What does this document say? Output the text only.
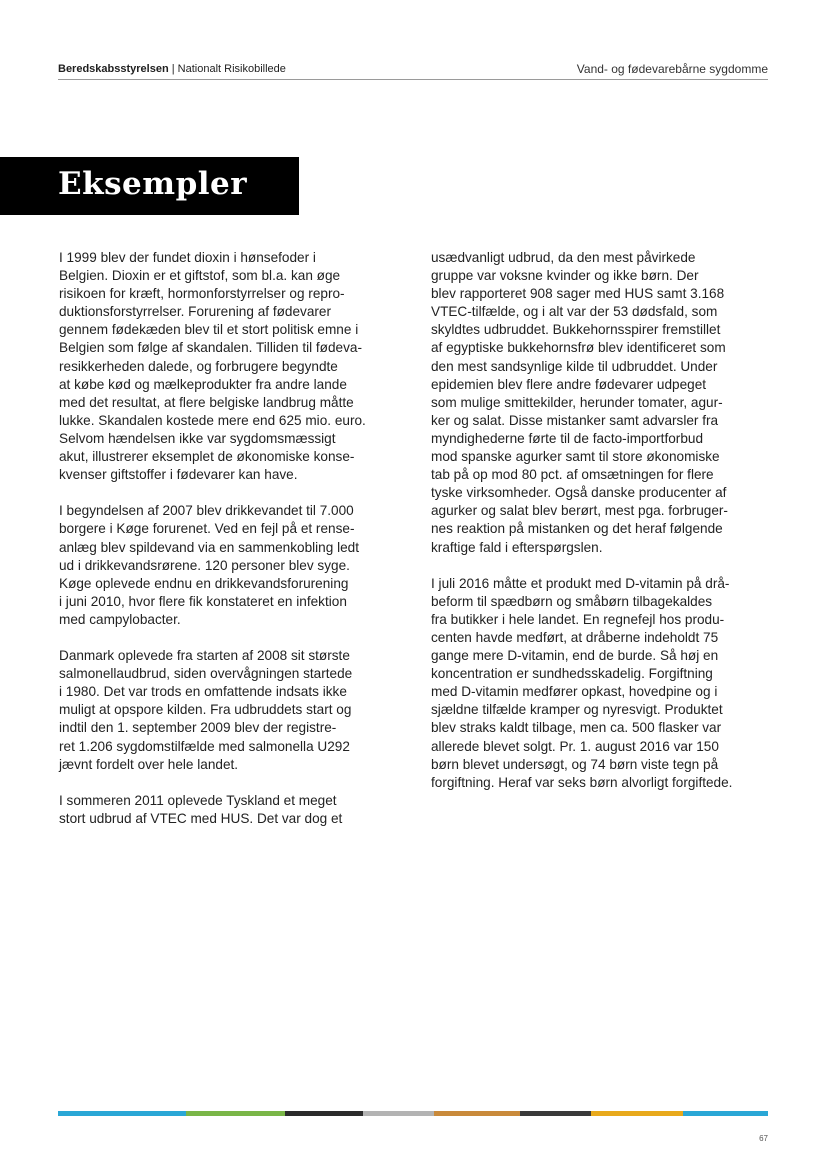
Beredskabsstyrelsen | Nationalt Risikobillede	Vand- og fødevarebårne sygdomme
Eksempler

I 1999 blev der fundet dioxin i hønsefoder i
Belgien. Dioxin er et giftstof, som bl.a. kan øge
risikoen for kræft, hormonforstyrrelser og repro-
duktionsforstyrrelser. Forurening af fødevarer
gennem fødekæden blev til et stort politisk emne i
Belgien som følge af skandalen. Tilliden til fødeva-
resikkerheden dalede, og forbrugere begyndte
at købe kød og mælkeprodukter fra andre lande
med det resultat, at flere belgiske landbrug måtte
lukke. Skandalen kostede mere end 625 mio. euro.
Selvom hændelsen ikke var sygdomsmæssigt
akut, illustrerer eksemplet de økonomiske konse-
kvenser giftstoffer i fødevarer kan have.

I begyndelsen af 2007 blev drikkevandet til 7.000
borgere i Køge forurenet. Ved en fejl på et rense-
anlæg blev spildevand via en sammenkobling ledt
ud i drikkevandsrørene. 120 personer blev syge.
Køge oplevede endnu en drikkevandsforurening
i juni 2010, hvor flere fik konstateret en infektion
med campylobacter.

Danmark oplevede fra starten af 2008 sit største
salmonellaudbrud, siden overvågningen startede
i 1980. Det var trods en omfattende indsats ikke
muligt at opspore kilden. Fra udbruddets start og
indtil den 1. september 2009 blev der registre-
ret 1.206 sygdomstilfælde med salmonella U292
jævnt fordelt over hele landet.

I sommeren 2011 oplevede Tyskland et meget
stort udbrud af VTEC med HUS. Det var dog et

usædvanligt udbrud, da den mest påvirkede
gruppe var voksne kvinder og ikke børn. Der
blev rapporteret 908 sager med HUS samt 3.168
VTEC-tilfælde, og i alt var der 53 dødsfald, som
skyldtes udbruddet. Bukkehornsspirer fremstillet
af egyptiske bukkehornsfrø blev identificeret som
den mest sandsynlige kilde til udbruddet. Under
epidemien blev flere andre fødevarer udpeget
som mulige smittekilder, herunder tomater, agur-
ker og salat. Disse mistanker samt advarsler fra
myndighederne førte til de facto-importforbud
mod spanske agurker samt til store økonomiske
tab på op mod 80 pct. af omsætningen for flere
tyske virksomheder. Også danske producenter af
agurker og salat blev berørt, mest pga. forbruger-
nes reaktion på mistanken og det heraf følgende
kraftige fald i efterspørgslen.

I juli 2016 måtte et produkt med D-vitamin på drå-
beform til spædbørn og småbørn tilbagekaldes
fra butikker i hele landet. En regnefejl hos produ-
centen havde medført, at dråberne indeholdt 75
gange mere D-vitamin, end de burde. Så høj en
koncentration er sundhedsskadelig. Forgiftning
med D-vitamin medfører opkast, hovedpine og i
sjældne tilfælde kramper og nyresvigt. Produktet
blev straks kaldt tilbage, men ca. 500 flasker var
allerede blevet solgt. Pr. 1. august 2016 var 150
børn blevet undersøgt, og 74 børn viste tegn på
forgiftning. Heraf var seks børn alvorligt forgiftede.

67
